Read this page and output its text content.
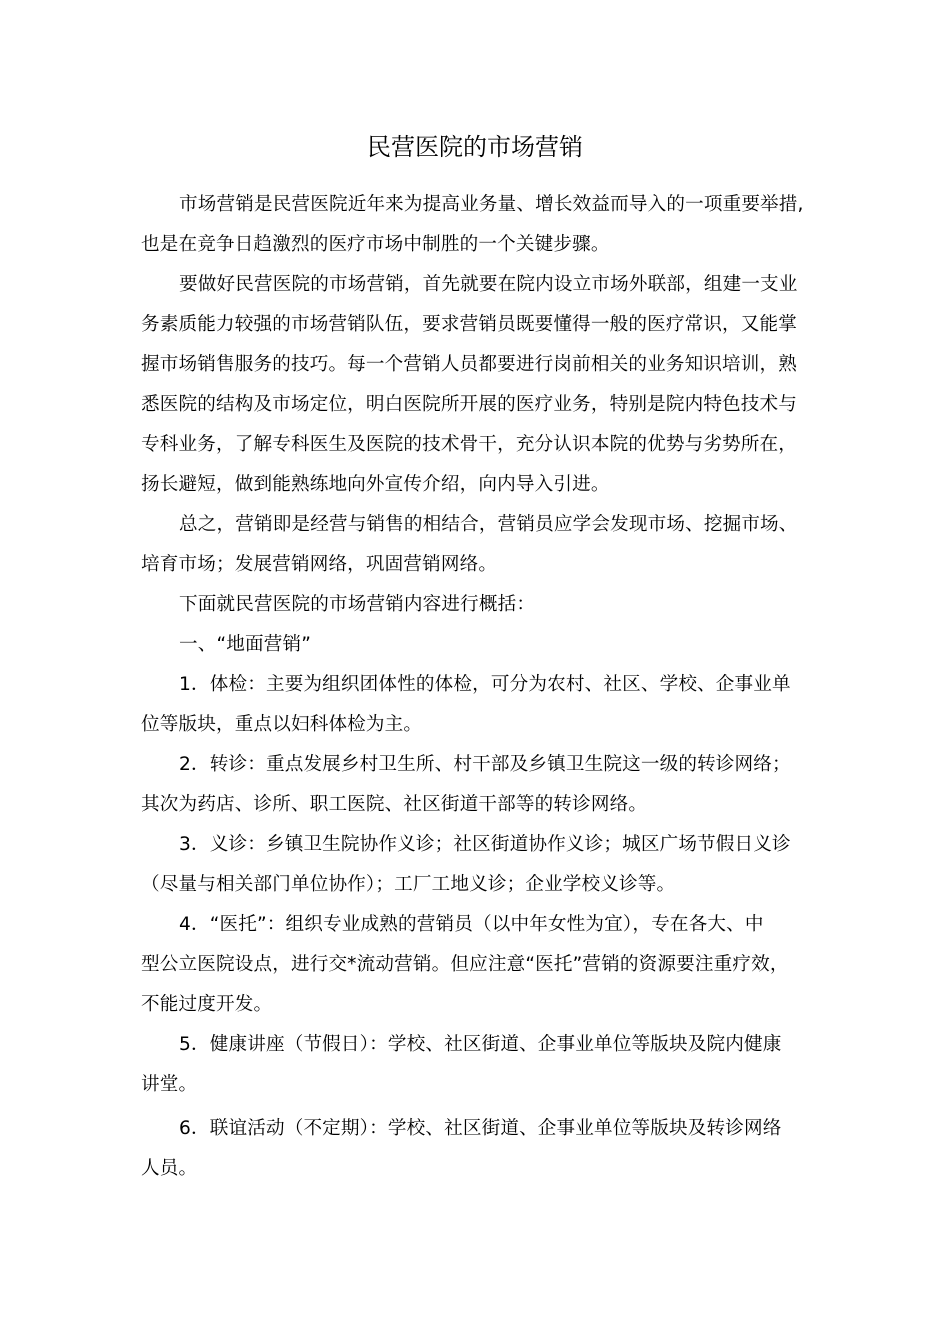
民营医院的市场营销
市场营销是民营医院近年来为提高业务量、增长效益而导入的一项重要举措,
也是在竞争日趋激烈的医疗市场中制胜的一个关键步骤。
要做好民营医院的市场营销，首先就要在院内设立市场外联部，组建一支业
务素质能力较强的市场营销队伍，要求营销员既要懂得一般的医疗常识，又能掌
握市场销售服务的技巧。每一个营销人员都要进行岗前相关的业务知识培训，熟
悉医院的结构及市场定位，明白医院所开展的医疗业务，特别是院内特色技术与
专科业务，了解专科医生及医院的技术骨干，充分认识本院的优势与劣势所在，
扬长避短，做到能熟练地向外宣传介绍，向内导入引进。
总之，营销即是经营与销售的相结合，营销员应学会发现市场、挖掘市场、
培育市场；发展营销网络，巩固营销网络。
下面就民营医院的市场营销内容进行概括：
一、“地面营销”
1．体检：主要为组织团体性的体检，可分为农村、社区、学校、企事业单
位等版块，重点以妇科体检为主。
2．转诊：重点发展乡村卫生所、村干部及乡镇卫生院这一级的转诊网络；
其次为药店、诊所、职工医院、社区街道干部等的转诊网络。
3．义诊：乡镇卫生院协作义诊；社区街道协作义诊；城区广场节假日义诊
（尽量与相关部门单位协作）；工厂工地义诊；企业学校义诊等。
4．“医托”：组织专业成熟的营销员（以中年女性为宜），专在各大、中
型公立医院设点，进行交*流动营销。但应注意“医托”营销的资源要注重疗效，
不能过度开发。
5．健康讲座（节假日）：学校、社区街道、企事业单位等版块及院内健康
讲堂。
6．联谊活动（不定期）：学校、社区街道、企事业单位等版块及转诊网络
人员。
